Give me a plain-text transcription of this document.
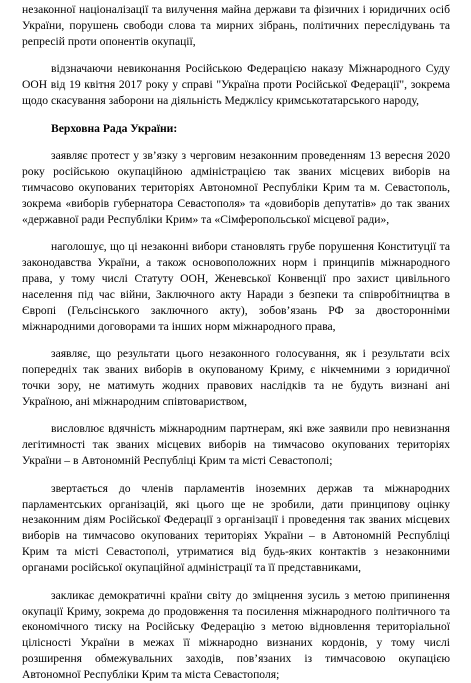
незаконної націоналізації та вилучення майна держави та фізичних і юридичних осіб України, порушень свободи слова та мирних зібрань, політичних переслідувань та репресій проти опонентів окупації,

відзначаючи невиконання Російською Федерацією наказу Міжнародного Суду ООН від 19 квітня 2017 року у справі "Україна проти Російської Федерації", зокрема щодо скасування заборони на діяльність Меджлісу кримськотатарського народу,

Верховна Рада України:

заявляє протест у зв’язку з черговим незаконним проведенням 13 вересня 2020 року російською окупаційною адміністрацією так званих місцевих виборів на тимчасово окупованих територіях Автономної Республіки Крим та м. Севастополь, зокрема «виборів губернатора Севастополя» та «довиборів депутатів» до так званих «державної ради Республіки Крим» та «Сімферопольської місцевої ради»,

наголошує, що ці незаконні вибори становлять грубе порушення Конституції та законодавства України, а також основоположних норм і принципів міжнародного права, у тому числі Статуту ООН, Женевської Конвенції про захист цивільного населення під час війни, Заключного акту Наради з безпеки та співробітництва в Європі (Гельсінського заключного акту), зобов’язань РФ за двосторонніми міжнародними договорами та інших норм міжнародного права,

заявляє, що результати цього незаконного голосування, як і результати всіх попередніх так званих виборів в окупованому Криму, є нікчемними з юридичної точки зору, не матимуть жодних правових наслідків та не будуть визнані ані Україною, ані міжнародним співтовариством,

висловлює вдячність міжнародним партнерам, які вже заявили про невизнання легітимності так званих місцевих виборів на тимчасово окупованих територіях України – в Автономній Республіці Крим та місті Севастополі;

звертається до членів парламентів іноземних держав та міжнародних парламентських організацій, які цього ще не зробили, дати принципову оцінку незаконним діям Російської Федерації з організації і проведення так званих місцевих виборів на тимчасово окупованих територіях України – в Автономній Республіці Крим та місті Севастополі, утриматися від будь-яких контактів з незаконними органами російської окупаційної адміністрації та її представниками,

закликає демократичні країни світу до зміцнення зусиль з метою припинення окупації Криму, зокрема до продовження та посилення міжнародного політичного та економічного тиску на Російську Федерацію з метою відновлення територіальної цілісності України в межах її міжнародно визнаних кордонів, у тому числі розширення обмежувальних заходів, пов’язаних із тимчасовою окупацією Автономної Республіки Крим та міста Севастополя;
